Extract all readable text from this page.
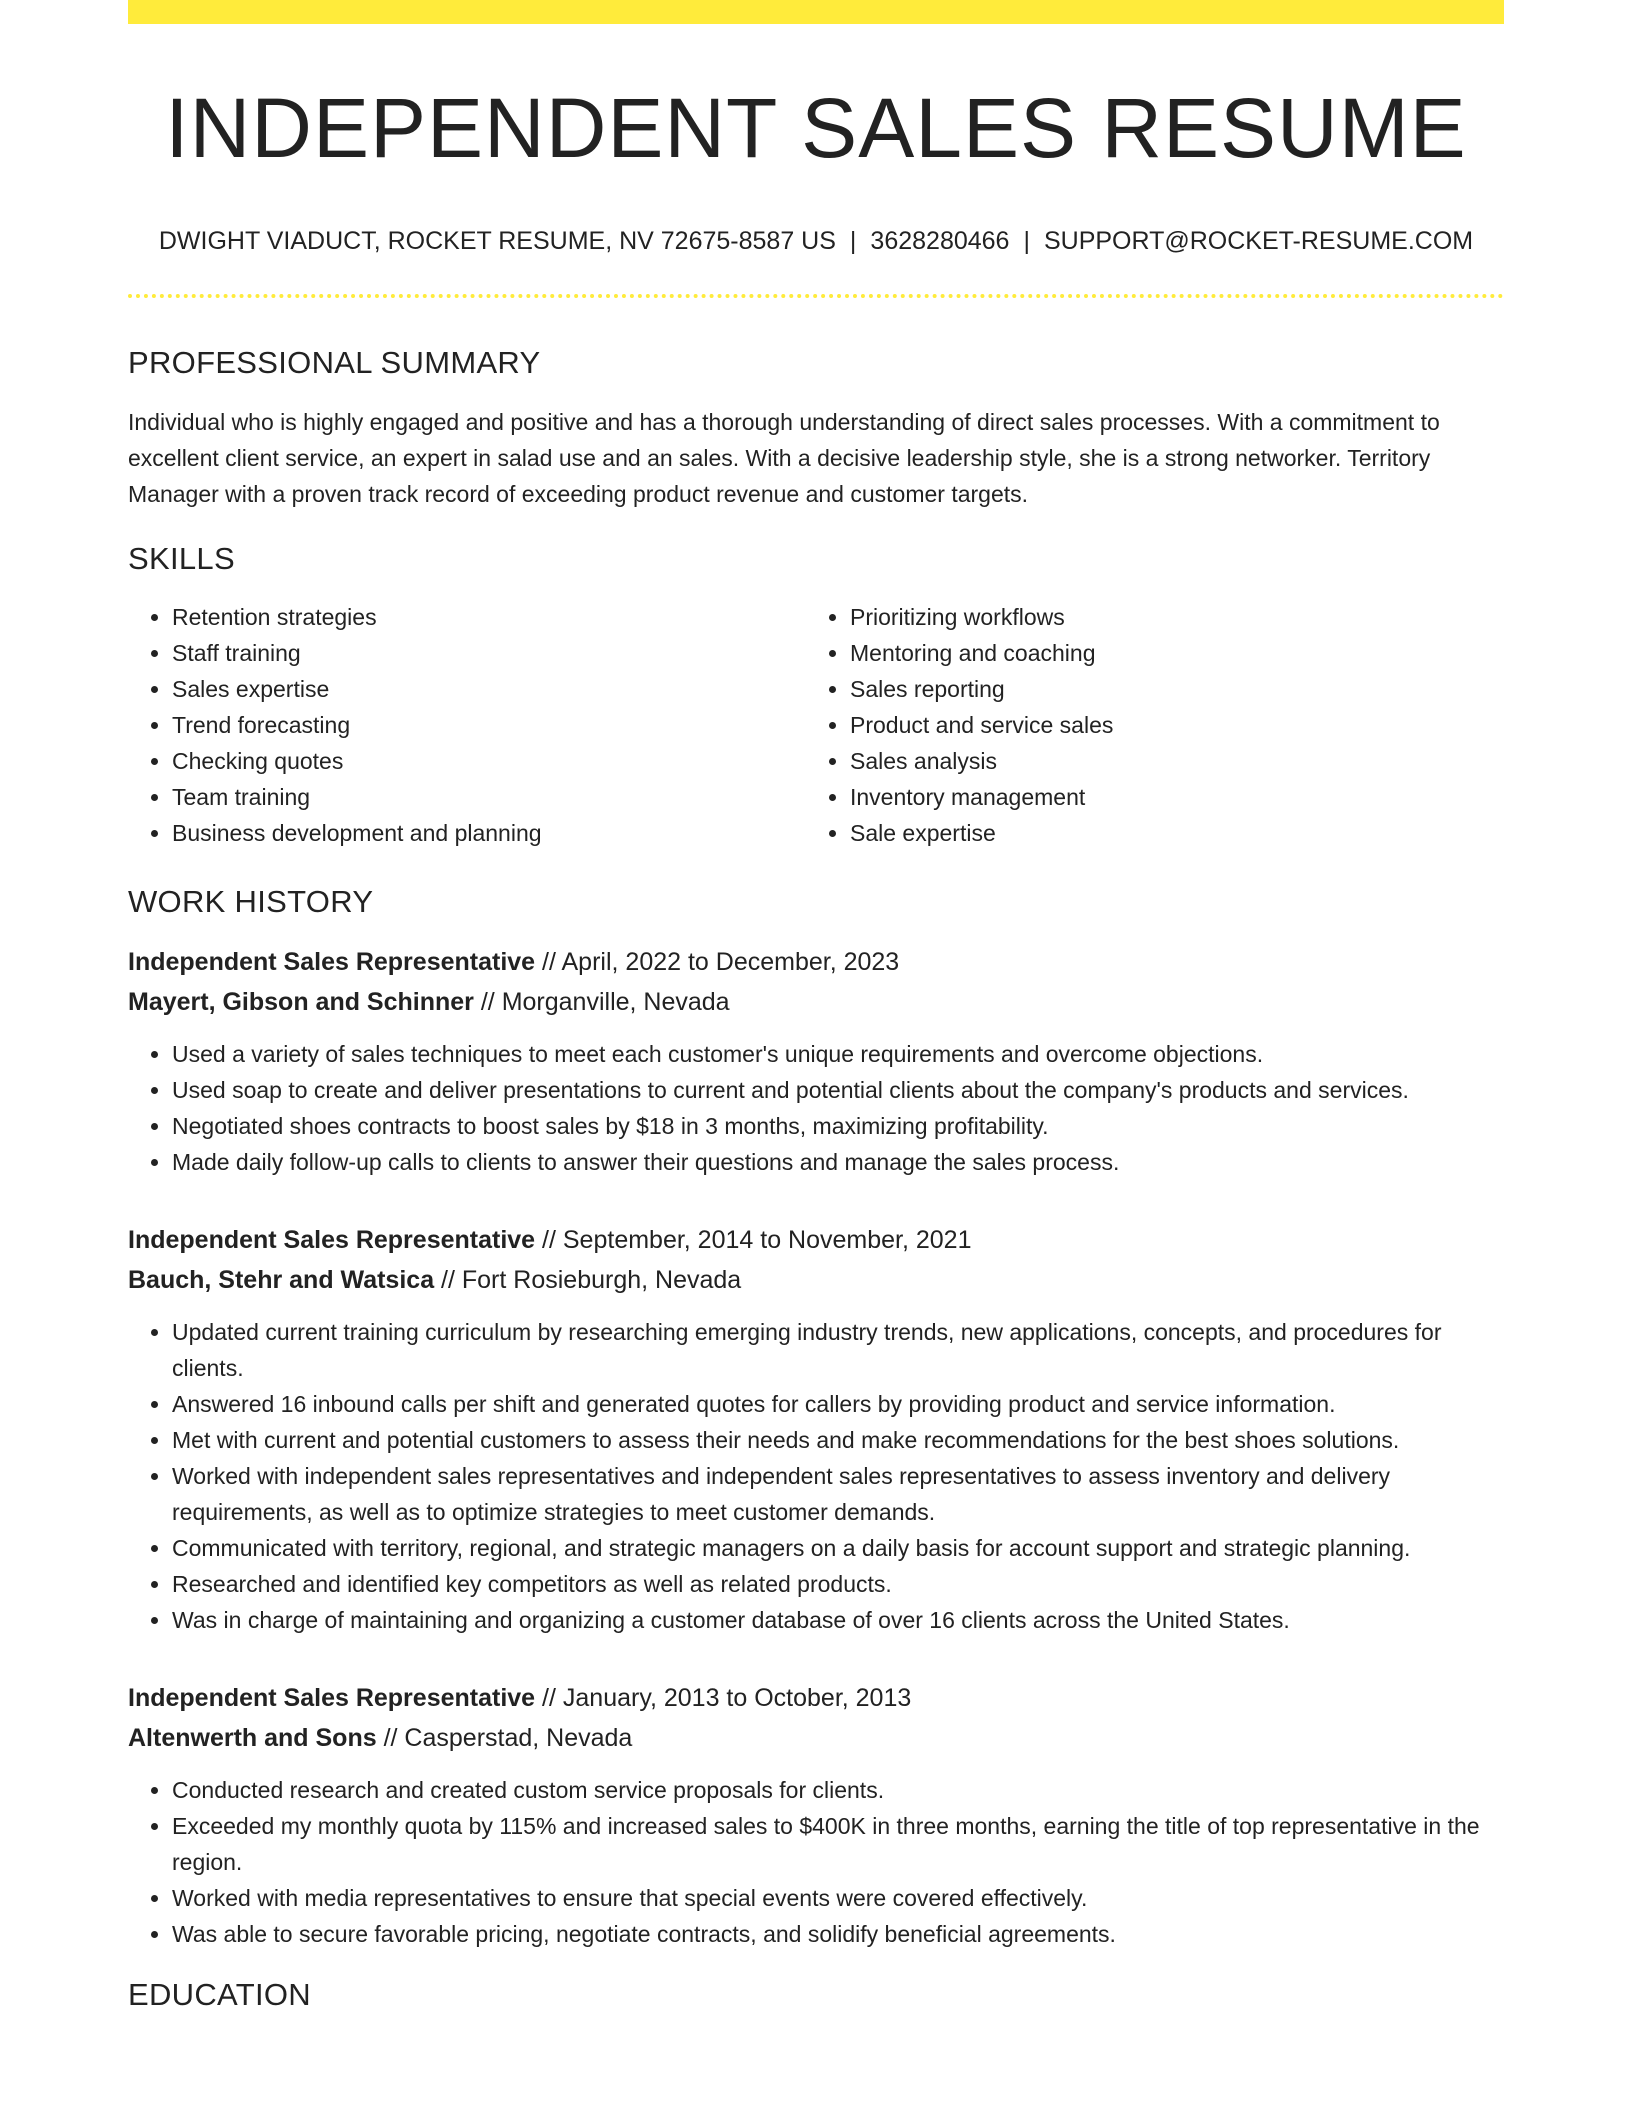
INDEPENDENT SALES RESUME
DWIGHT VIADUCT, ROCKET RESUME, NV 72675-8587 US | 3628280466 | SUPPORT@ROCKET-RESUME.COM
PROFESSIONAL SUMMARY

Individual who is highly engaged and positive and has a thorough understanding of direct sales processes. With a commitment to excellent client service, an expert in salad use and an sales. With a decisive leadership style, she is a strong networker. Territory Manager with a proven track record of exceeding product revenue and customer targets.

SKILLS
• Retention strategies
• Staff training
• Sales expertise
• Trend forecasting
• Checking quotes
• Team training
• Business development and planning
• Prioritizing workflows
• Mentoring and coaching
• Sales reporting
• Product and service sales
• Sales analysis
• Inventory management
• Sale expertise
WORK HISTORY
Independent Sales Representative // April, 2022 to December, 2023
Mayert, Gibson and Schinner // Morganville, Nevada
• Used a variety of sales techniques to meet each customer's unique requirements and overcome objections.
• Used soap to create and deliver presentations to current and potential clients about the company's products and services.
• Negotiated shoes contracts to boost sales by $18 in 3 months, maximizing profitability.
• Made daily follow-up calls to clients to answer their questions and manage the sales process.
Independent Sales Representative // September, 2014 to November, 2021
Bauch, Stehr and Watsica // Fort Rosieburgh, Nevada
• Updated current training curriculum by researching emerging industry trends, new applications, concepts, and procedures for clients.
• Answered 16 inbound calls per shift and generated quotes for callers by providing product and service information.
• Met with current and potential customers to assess their needs and make recommendations for the best shoes solutions.
• Worked with independent sales representatives and independent sales representatives to assess inventory and delivery requirements, as well as to optimize strategies to meet customer demands.
• Communicated with territory, regional, and strategic managers on a daily basis for account support and strategic planning.
• Researched and identified key competitors as well as related products.
• Was in charge of maintaining and organizing a customer database of over 16 clients across the United States.
Independent Sales Representative // January, 2013 to October, 2013
Altenwerth and Sons // Casperstad, Nevada
• Conducted research and created custom service proposals for clients.
• Exceeded my monthly quota by 115% and increased sales to $400K in three months, earning the title of top representative in the region.
• Worked with media representatives to ensure that special events were covered effectively.
• Was able to secure favorable pricing, negotiate contracts, and solidify beneficial agreements.
EDUCATION
